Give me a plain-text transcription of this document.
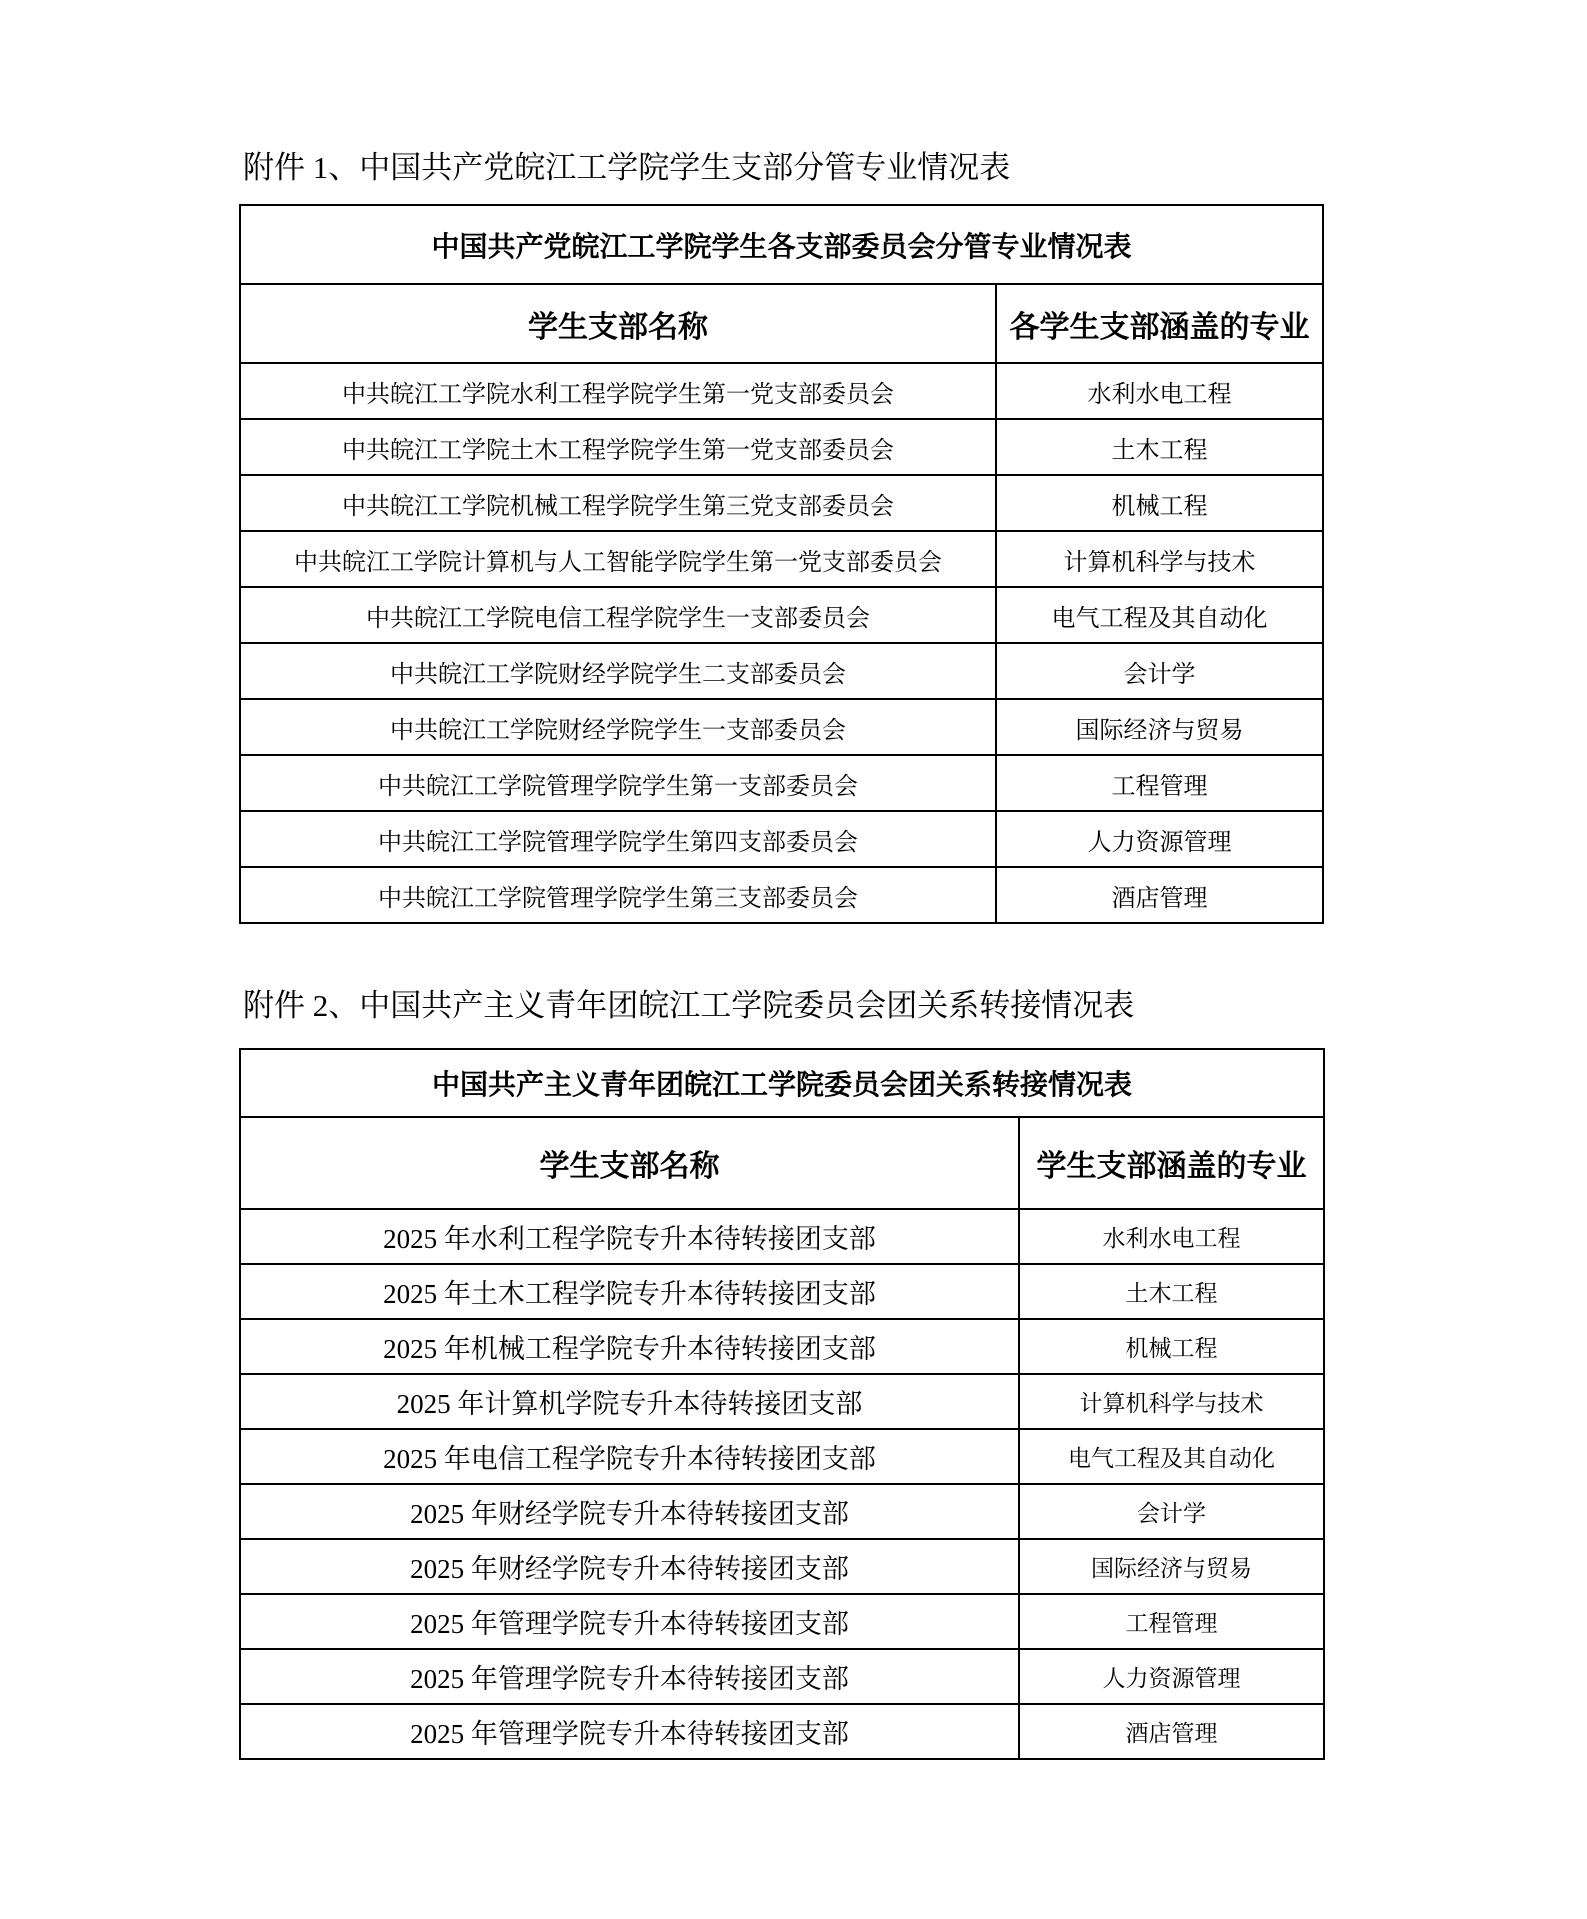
附件 1、中国共产党皖江工学院学生支部分管专业情况表
中国共产党皖江工学院学生各支部委员会分管专业情况表	
学生支部名称	各学生支部涵盖的专业
中共皖江工学院水利工程学院学生第一党支部委员会	水利水电工程
中共皖江工学院土木工程学院学生第一党支部委员会	土木工程
中共皖江工学院机械工程学院学生第三党支部委员会	机械工程
中共皖江工学院计算机与人工智能学院学生第一党支部委员会	计算机科学与技术
中共皖江工学院电信工程学院学生一支部委员会	电气工程及其自动化
中共皖江工学院财经学院学生二支部委员会	会计学
中共皖江工学院财经学院学生一支部委员会	国际经济与贸易
中共皖江工学院管理学院学生第一支部委员会	工程管理
中共皖江工学院管理学院学生第四支部委员会	人力资源管理
中共皖江工学院管理学院学生第三支部委员会	酒店管理
附件 2、中国共产主义青年团皖江工学院委员会团关系转接情况表
中国共产主义青年团皖江工学院委员会团关系转接情况表	
学生支部名称	学生支部涵盖的专业
2025 年水利工程学院专升本待转接团支部	水利水电工程
2025 年土木工程学院专升本待转接团支部	土木工程
2025 年机械工程学院专升本待转接团支部	机械工程
2025 年计算机学院专升本待转接团支部	计算机科学与技术
2025 年电信工程学院专升本待转接团支部	电气工程及其自动化
2025 年财经学院专升本待转接团支部	会计学
2025 年财经学院专升本待转接团支部	国际经济与贸易
2025 年管理学院专升本待转接团支部	工程管理
2025 年管理学院专升本待转接团支部	人力资源管理
2025 年管理学院专升本待转接团支部	酒店管理
